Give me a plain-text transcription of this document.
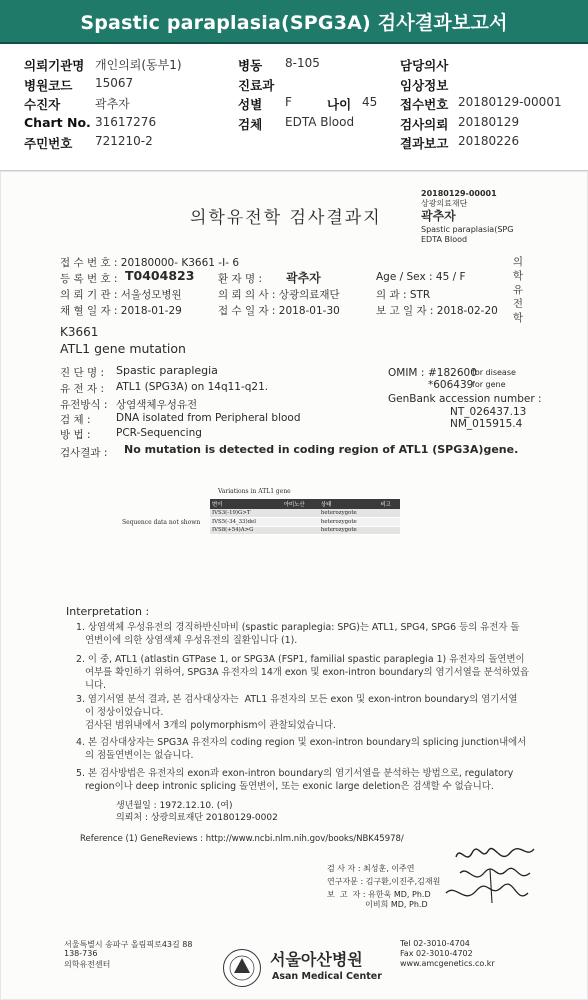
Spastic paraplasia(SPG3A) 검사결과보고서
의뢰기관명 개인의뢰(동부1)
병원코드 15067
수진자	곽추자
Chart No. 31617276
주민번호 721210-2
병동 8-105
진료과
성별 F	나이 45
검체 EDTA Blood
담당의사
임상정보
접수번호 20180129-00001
검사의뢰 20180129
결과보고 20180226
20180129-00001
상광의료재단
곽추자
Spastic paraplasia(SPG
EDTA Blood
의학유전학 검사결과지
접 수 번 호 : 20180000- K3661 -I- 6
등 록 번 호 : T0404823 환 자 명 : 곽추자	Age / Sex : 45 / F
의 뢰 기 관 : 서울성모병원	의 뢰 의 사 : 상광의료재단	의 과 : STR
채 혈 일 자 : 2018-01-29	접 수 일 자 : 2018-01-30	보 고 일 자 : 2018-02-20
의
학
유
전
학
K3661
ATL1 gene mutation
진 단 명 : Spastic paraplegia
유 전 자 : ATL1 (SPG3A) on 14q11-q21.
유전방식 : 상염색체우성유전
검 체 : DNA isolated from Peripheral blood
방 법 : PCR-Sequencing
OMIM : #182600
for disease
*606439
for gene
GenBank accession number :
NT_026437.13
NM_015915.4
검사결과 : No mutation is detected in coding region of ATL1 (SPG3A)gene.
Variations in ATL1 gene
Sequence data not shown
변이	아미노산	상태	비고
IVS3(-19)G>T		heterozygote	
IVS5(-34_33)del		heterozygote	
IVS8(+54)A>G		heterozygote	
Interpretation :
1. 상염색체 우성유전의 경직하반신마비 (spastic paraplegia: SPG)는 ATL1, SPG4, SPG6 등의 유전자 돌
연변이에 의한 상염색체 우성유전의 질환입니다 (1).
2. 이 중, ATL1 (atlastin GTPase 1, or SPG3A (FSP1, familial spastic paraplegia 1) 유전자의 돌연변이
여부를 확인하기 위하여, SPG3A 유전자의 14개 exon 및 exon-intron boundary의 염기서열을 분석하였읍
니다.
3. 염기서열 분석 결과, 본 검사대상자는  ATL1 유전자의 모든 exon 및 exon-intron boundary의 염기서열
이 정상이었습니다.
검사된 범위내에서 3개의 polymorphism이 관찰되었습니다.
4. 본 검사대상자는 SPG3A 유전자의 coding region 및 exon-intron boundary의 splicing junction내에서
의 점돌연변이는 없습니다.
5. 본 검사방법은 유전자의 exon과 exon-intron boundary의 염기서열을 분석하는 방법으로, regulatory
region이나 deep intronic splicing 돌연변이, 또는 exonic large deletion은 검색할 수 없습니다.
생년월일 : 1972.12.10. (여)
의뢰처 : 상광의료재단 20180129-0002
Reference (1) GeneReviews : http://www.ncbi.nlm.nih.gov/books/NBK45978/
검 사 자 : 최성훈, 이주연
연구자문 : 김구환,이진주,김재원
보  고  자 : 유한욱 MD, Ph.D
이비희 MD, Ph.D
서울특별시 송파구 올림픽로43길 88
138-736
의학유전센터	서울아산병원
Asan Medical Center
Tel 02-3010-4704
Fax 02-3010-4702
www.amcgenetics.co.kr
